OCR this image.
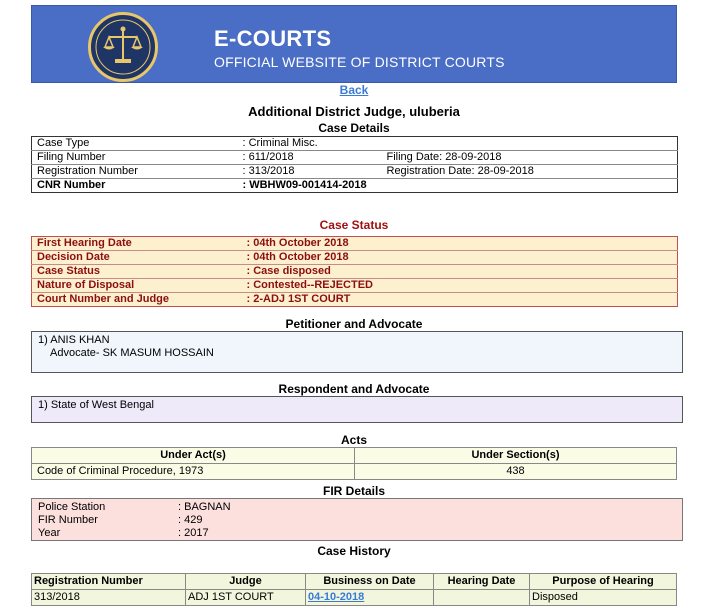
E-COURTS
OFFICIAL WEBSITE OF DISTRICT COURTS
Back
Additional District Judge, uluberia
Case Details
Case Type	: Criminal Misc.	
Filing Number	: 611/2018	Filing Date: 28-09-2018
Registration Number	: 313/2018	Registration Date: 28-09-2018
CNR Number	: WBHW09-001414-2018	
Case Status
First Hearing Date	: 04th October 2018
Decision Date	: 04th October 2018
Case Status	: Case disposed
Nature of Disposal	: Contested--REJECTED
Court Number and Judge	: 2-ADJ 1ST COURT
Petitioner and Advocate
1) ANIS KHAN
Advocate- SK MASUM HOSSAIN
Respondent and Advocate
1) State of West Bengal
Acts
Under Act(s)	Under Section(s)
Code of Criminal Procedure, 1973	438
FIR Details
Police Station	: BAGNAN
FIR Number	: 429
Year	: 2017
Case History
Registration Number	Judge	Business on Date	Hearing Date	Purpose of Hearing
313/2018	ADJ 1ST COURT	04-10-2018		Disposed
